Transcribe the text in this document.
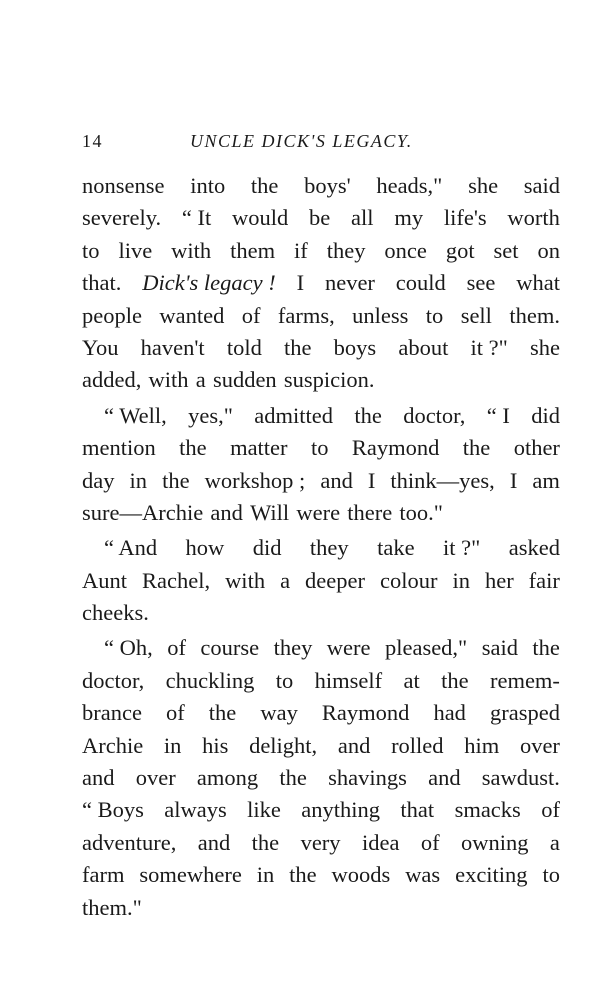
14	UNCLE DICK'S LEGACY.
nonsense into the boys' heads," she said
severely. “ It would be all my life's worth
to live with them if they once got set on
that. Dick's legacy ! I never could see what
people wanted of farms, unless to sell them.
You haven't told the boys about it ?" she
added, with a sudden suspicion.
“ Well, yes," admitted the doctor, “ I did
mention the matter to Raymond the other
day in the workshop ; and I think—yes, I am
sure—Archie and Will were there too."
“ And how did they take it ?" asked
Aunt Rachel, with a deeper colour in her fair
cheeks.
“ Oh, of course they were pleased," said the
doctor, chuckling to himself at the remem-
brance of the way Raymond had grasped
Archie in his delight, and rolled him over
and over among the shavings and sawdust.
“ Boys always like anything that smacks of
adventure, and the very idea of owning a
farm somewhere in the woods was exciting to
them."
